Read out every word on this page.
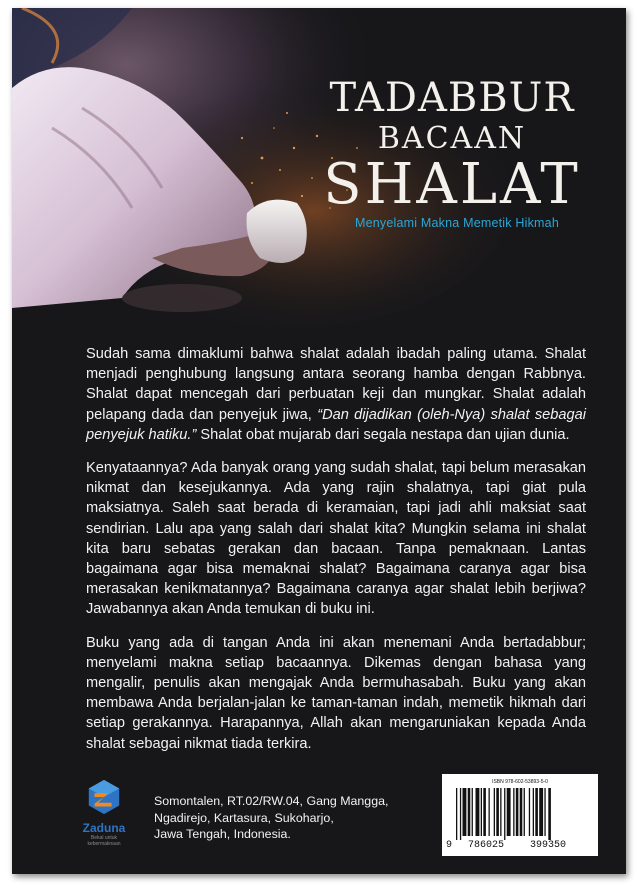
TADABBUR
BACAAN
SHALAT
Menyelami Makna Memetik Hikmah

Sudah sama dimaklumi bahwa shalat adalah ibadah paling utama. Shalat menjadi penghubung langsung antara seorang hamba dengan Rabbnya. Shalat dapat mencegah dari perbuatan keji dan mungkar. Shalat adalah pelapang dada dan penyejuk jiwa, “Dan dijadikan (oleh-Nya) shalat sebagai penyejuk hatiku.” Shalat obat mujarab dari segala nestapa dan ujian dunia.

Kenyataannya? Ada banyak orang yang sudah shalat, tapi belum merasakan nikmat dan kesejukannya. Ada yang rajin shalatnya, tapi giat pula maksiatnya. Saleh saat berada di keramaian, tapi jadi ahli maksiat saat sendirian. Lalu apa yang salah dari shalat kita? Mungkin selama ini shalat kita baru sebatas gerakan dan bacaan. Tanpa pemaknaan. Lantas bagaimana agar bisa memaknai shalat? Bagaimana caranya agar bisa merasakan kenikmatannya? Bagaimana caranya agar shalat lebih berjiwa? Jawabannya akan Anda temukan di buku ini.

Buku yang ada di tangan Anda ini akan menemani Anda bertadabbur; menyelami makna setiap bacaannya. Dikemas dengan bahasa yang mengalir, penulis akan mengajak Anda bermuhasabah. Buku yang akan membawa Anda berjalan-jalan ke taman-taman indah, memetik hikmah dari setiap gerakannya. Harapannya, Allah akan mengaruniakan kepada Anda shalat sebagai nikmat tiada terkira.

Zaduna
Bekal untuk kebermaknaan
Somontalen, RT.02/RW.04, Gang Mangga,
Ngadirejo, Kartasura, Sukoharjo,
Jawa Tengah, Indonesia.
ISBN 978-602-53893-5-0
9 786025	399350
